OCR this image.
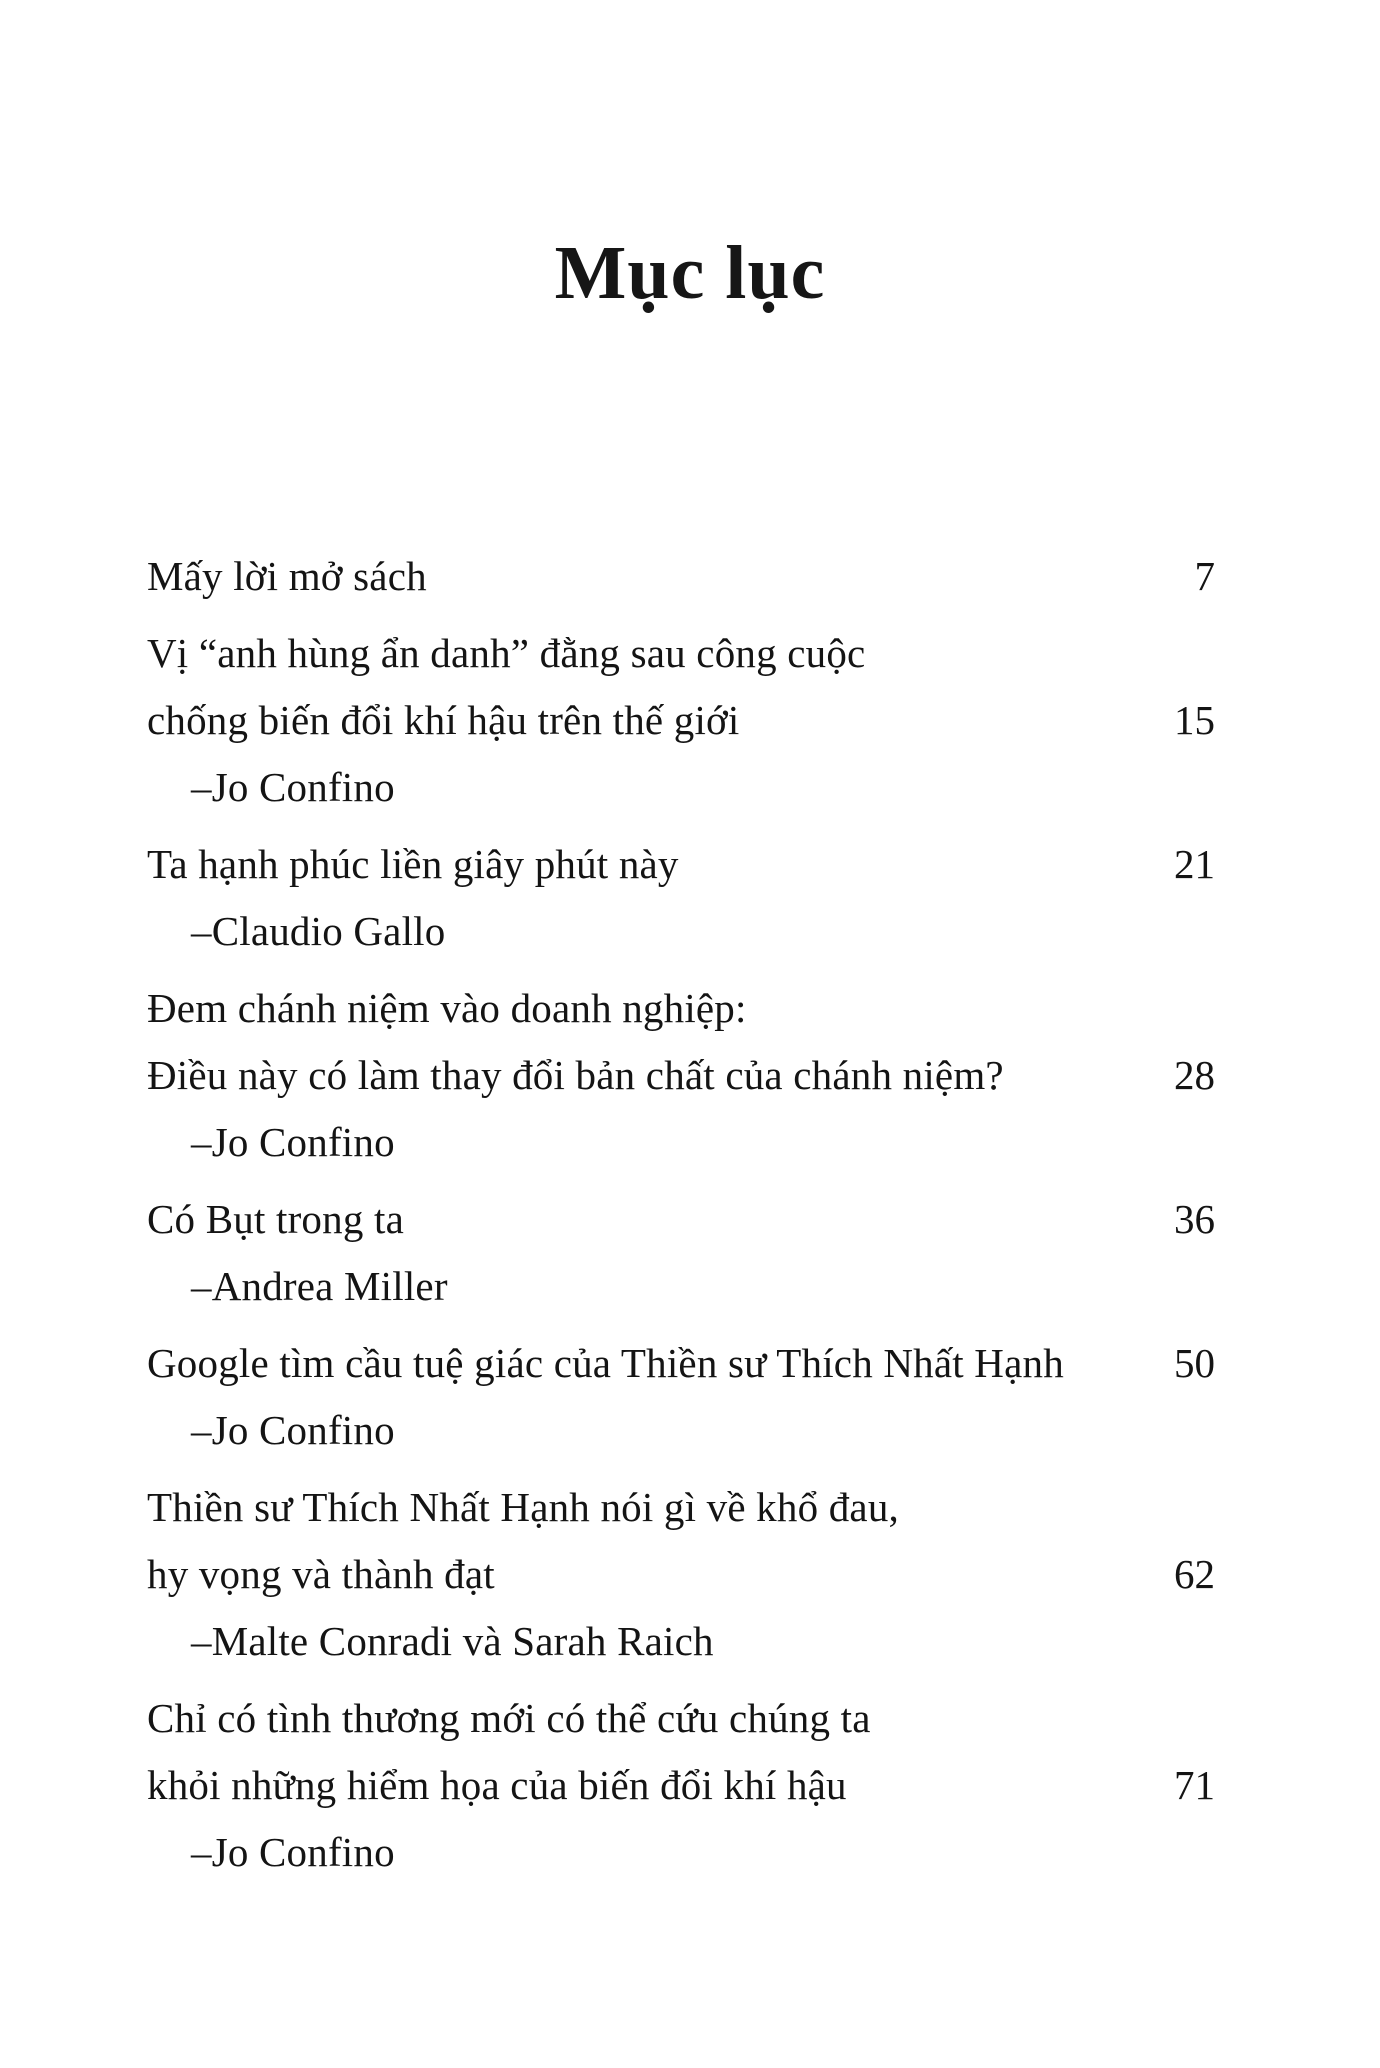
Mục lục
Mấy lời mở sách	7
Vị “anh hùng ẩn danh” đằng sau công cuộc
chống biến đổi khí hậu trên thế giới	15
–Jo Confino
Ta hạnh phúc liền giây phút này	21
–Claudio Gallo
Đem chánh niệm vào doanh nghiệp:
Điều này có làm thay đổi bản chất của chánh niệm?	28
–Jo Confino
Có Bụt trong ta	36
–Andrea Miller
Google tìm cầu tuệ giác của Thiền sư Thích Nhất Hạnh	50
–Jo Confino
Thiền sư Thích Nhất Hạnh nói gì về khổ đau,
hy vọng và thành đạt	62
–Malte Conradi và Sarah Raich
Chỉ có tình thương mới có thể cứu chúng ta
khỏi những hiểm họa của biến đổi khí hậu	71
–Jo Confino
